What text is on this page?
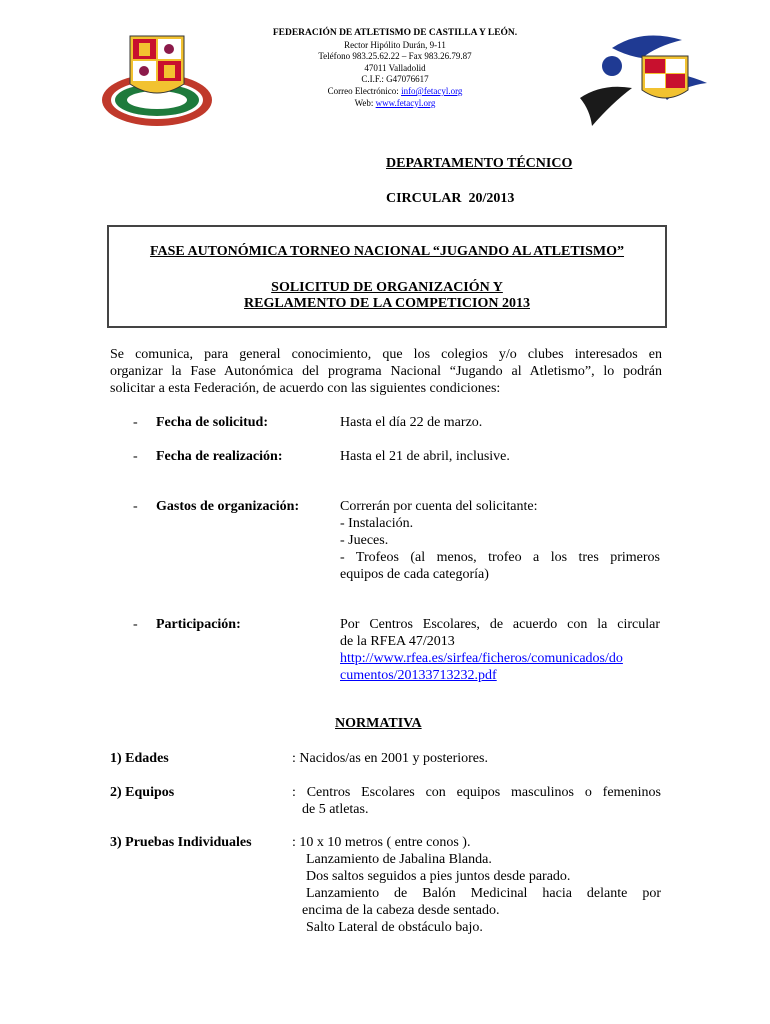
FEDERACIÓN DE ATLETISMO DE CASTILLA Y LEÓN.
Rector Hipólito Durán, 9-11
Teléfono 983.25.62.22 – Fax 983.26.79.87
47011 Valladolid
C.I.F.: G47076617
Correo Electrónico: info@fetacyl.org
Web: www.fetacyl.org
DEPARTAMENTO TÉCNICO
CIRCULAR  20/2013
FASE AUTONÓMICA TORNEO NACIONAL “JUGANDO AL ATLETISMO”
SOLICITUD DE ORGANIZACIÓN Y
REGLAMENTO DE LA COMPETICION 2013
Se comunica, para general conocimiento, que los colegios y/o clubes interesados en
organizar la Fase Autonómica del programa Nacional “Jugando al Atletismo”, lo podrán
solicitar a esta Federación, de acuerdo con las siguientes condiciones:
- Fecha de solicitud:	Hasta el día 22 de marzo.
- Fecha de realización:	Hasta el 21 de abril, inclusive.
- Gastos de organización:	Correrán por cuenta del solicitante:
- Instalación.
- Jueces.
- Trofeos (al menos, trofeo a los tres primeros
equipos de cada categoría)
- Participación:	Por Centros Escolares, de acuerdo con la circular
de la RFEA 47/2013
http://www.rfea.es/sirfea/ficheros/comunicados/do
cumentos/20133713232.pdf
NORMATIVA
1) Edades	: Nacidos/as en 2001 y posteriores.
2) Equipos	: Centros Escolares con equipos masculinos o femeninos
de 5 atletas.
3) Pruebas Individuales	: 10 x 10 metros ( entre conos ).
Lanzamiento de Jabalina Blanda.
Dos saltos seguidos a pies juntos desde parado.
Lanzamiento de Balón Medicinal hacia delante por
encima de la cabeza desde sentado.
Salto Lateral de obstáculo bajo.
